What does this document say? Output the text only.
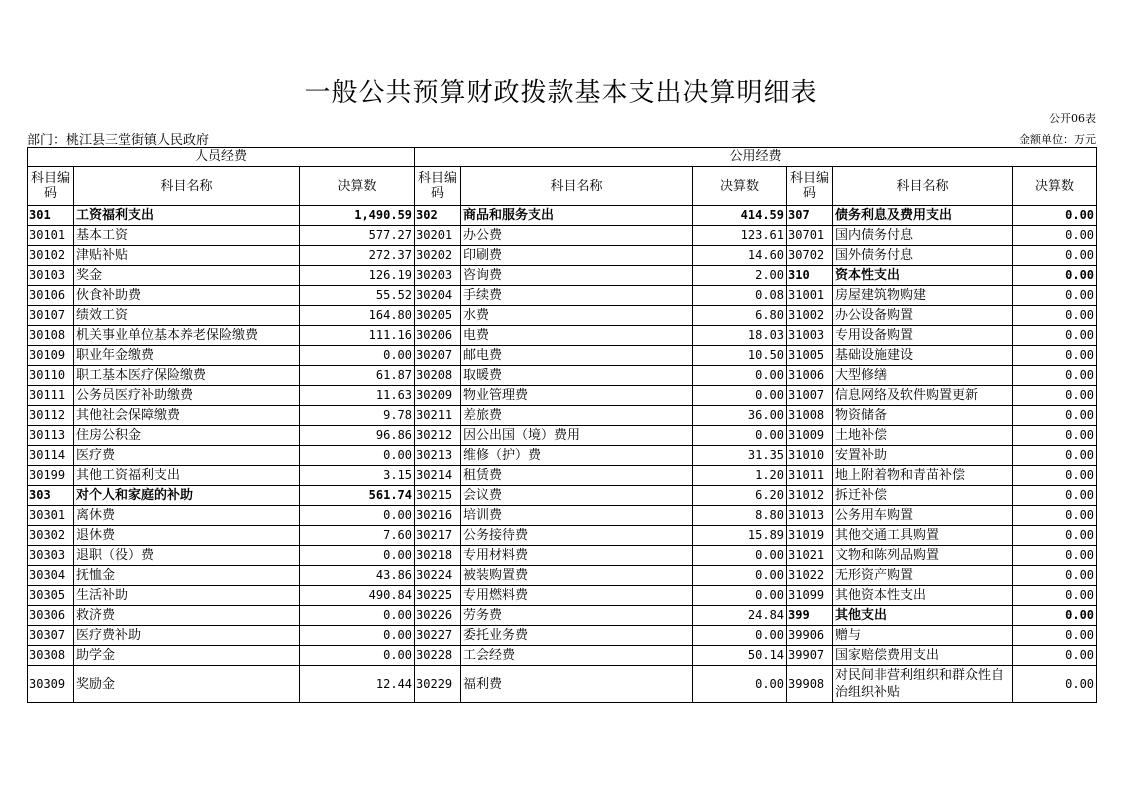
一般公共预算财政拨款基本支出决算明细表
公开06表
部门：桃江县三堂街镇人民政府	金额单位：万元
人员经费			公用经费					
科目编码	科目名称	决算数	科目编码	科目名称	决算数	科目编码	科目名称	决算数
301	工资福利支出	1,490.59	302	商品和服务支出	414.59	307	债务利息及费用支出	0.00
30101	基本工资	577.27	30201	办公费	123.61	30701	国内债务付息	0.00
30102	津贴补贴	272.37	30202	印刷费	14.60	30702	国外债务付息	0.00
30103	奖金	126.19	30203	咨询费	2.00	310	资本性支出	0.00
30106	伙食补助费	55.52	30204	手续费	0.08	31001	房屋建筑物购建	0.00
30107	绩效工资	164.80	30205	水费	6.80	31002	办公设备购置	0.00
30108	机关事业单位基本养老保险缴费	111.16	30206	电费	18.03	31003	专用设备购置	0.00
30109	职业年金缴费	0.00	30207	邮电费	10.50	31005	基础设施建设	0.00
30110	职工基本医疗保险缴费	61.87	30208	取暖费	0.00	31006	大型修缮	0.00
30111	公务员医疗补助缴费	11.63	30209	物业管理费	0.00	31007	信息网络及软件购置更新	0.00
30112	其他社会保障缴费	9.78	30211	差旅费	36.00	31008	物资储备	0.00
30113	住房公积金	96.86	30212	因公出国（境）费用	0.00	31009	土地补偿	0.00
30114	医疗费	0.00	30213	维修（护）费	31.35	31010	安置补助	0.00
30199	其他工资福利支出	3.15	30214	租赁费	1.20	31011	地上附着物和青苗补偿	0.00
303	对个人和家庭的补助	561.74	30215	会议费	6.20	31012	拆迁补偿	0.00
30301	离休费	0.00	30216	培训费	8.80	31013	公务用车购置	0.00
30302	退休费	7.60	30217	公务接待费	15.89	31019	其他交通工具购置	0.00
30303	退职（役）费	0.00	30218	专用材料费	0.00	31021	文物和陈列品购置	0.00
30304	抚恤金	43.86	30224	被装购置费	0.00	31022	无形资产购置	0.00
30305	生活补助	490.84	30225	专用燃料费	0.00	31099	其他资本性支出	0.00
30306	救济费	0.00	30226	劳务费	24.84	399	其他支出	0.00
30307	医疗费补助	0.00	30227	委托业务费	0.00	39906	赠与	0.00
30308	助学金	0.00	30228	工会经费	50.14	39907	国家赔偿费用支出	0.00
30309	奖励金	12.44	30229	福利费	0.00	39908	对民间非营利组织和群众性自治组织补贴	0.00
